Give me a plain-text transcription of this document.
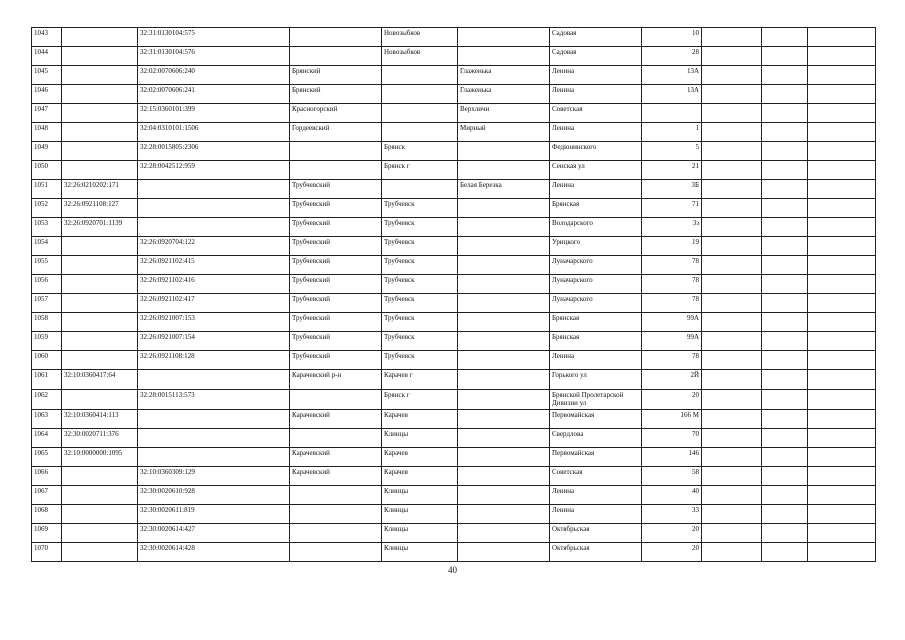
1043		32:31:0130104:575		Новозыбков		Садовая	10			
1044		32:31:0130104:576		Новозыбков		Садовая	28			
1045		32:02:0070606:240	Брянский		Глаженька	Ленина	13А			
1046		32:02:0070606:241	Брянский		Глаженька	Ленина	13А			
1047		32:15:0360101:399	Красногорский		Верхличи	Советская				
1048		32:04:0310101:1506	Гордеевский		Мирный	Ленина	1			
1049		32:28:0015805:2306		Брянск		Федюнинского	5			
1050		32:28:0042512:959		Брянск г		Сенская ул	21			
1051	32:26:0210202:171		Трубчевский		Белая Березка	Ленина	3Б			
1052	32:26:0921108:127		Трубчевский	Трубчевск		Брянская	71			
1053	32:26:0920701:1139		Трубчевский	Трубчевск		Володарского	3з			
1054		32:26:0920704:122	Трубчевский	Трубчевск		Урицкого	19			
1055		32:26:0921102:415	Трубчевский	Трубчевск		Луначарского	78			
1056		32:26:0921102:416	Трубчевский	Трубчевск		Луначарского	78			
1057		32:26:0921102:417	Трубчевский	Трубчевск		Луначарского	78			
1058		32:26:0921007:153	Трубчевский	Трубчевск		Брянская	99А			
1059		32:26:0921007:154	Трубчевский	Трубчевск		Брянская	99А			
1060		32:26:0921108:128	Трубчевский	Трубчевск		Ленина	78			
1061	32:10:0360417:64		Карачевский р-н	Карачев г		Горького ул	2Й			
1062		32:28:0015113:573		Брянск г		Брянской Пролетарской Дивизии ул	20			
1063	32:10:0360414:113		Карачевский	Карачев		Первомайская	166 М			
1064	32:30:0020711:376			Клинцы		Свердлова	70			
1065	32:10:0000000:1095		Карачевский	Карачев		Первомайская	146			
1066		32:10:0360309:129	Карачевский	Карачев		Советская	58			
1067		32:30:0020610:928		Клинцы		Ленина	40			
1068		32:30:0020611:819		Клинцы		Ленина	33			
1069		32:30:0020614:427		Клинцы		Октябрьская	20			
1070		32:30:0020614:428		Клинцы		Октябрьская	20			
40
